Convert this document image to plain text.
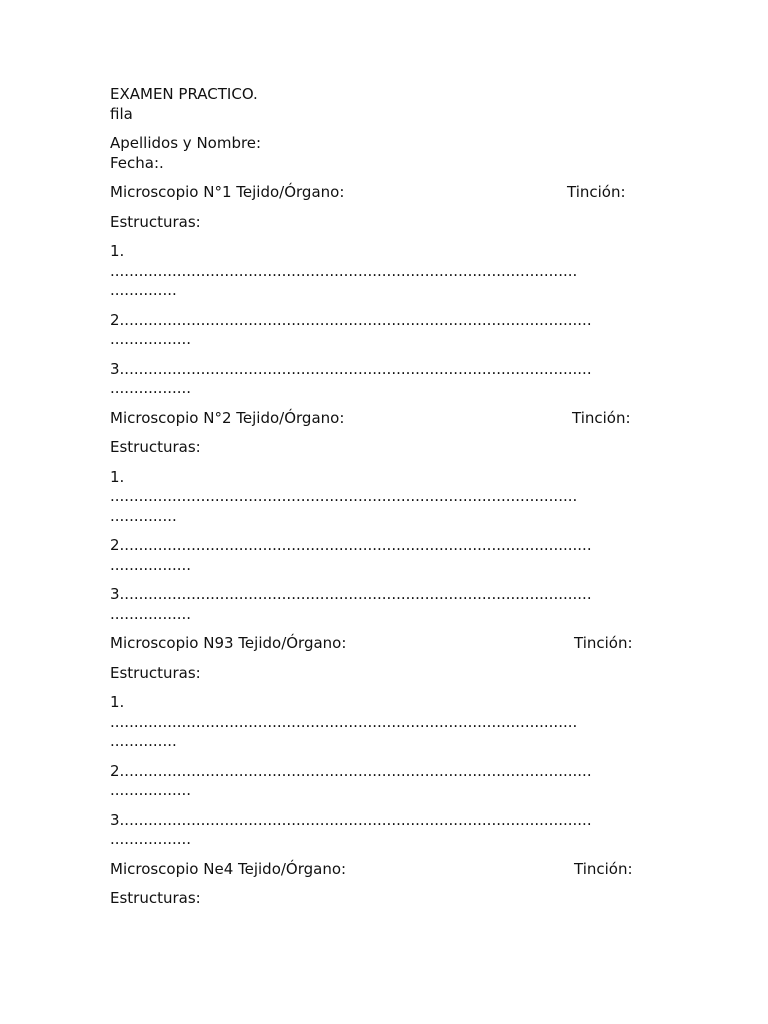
EXAMEN PRACTICO.
fila
Apellidos y Nombre:
Fecha:.
Microscopio N°1 Tejido/Órgano:	Tinción:
Estructuras:
1.
..................................................................................................
..............
2...................................................................................................
.................
3...................................................................................................
.................
Microscopio N°2 Tejido/Órgano:	Tinción:
Estructuras:
1.
..................................................................................................
..............
2...................................................................................................
.................
3...................................................................................................
.................
Microscopio N93 Tejido/Órgano:	Tinción:
Estructuras:
1.
..................................................................................................
..............
2...................................................................................................
.................
3...................................................................................................
.................
Microscopio Ne4 Tejido/Órgano:	Tinción:
Estructuras:
